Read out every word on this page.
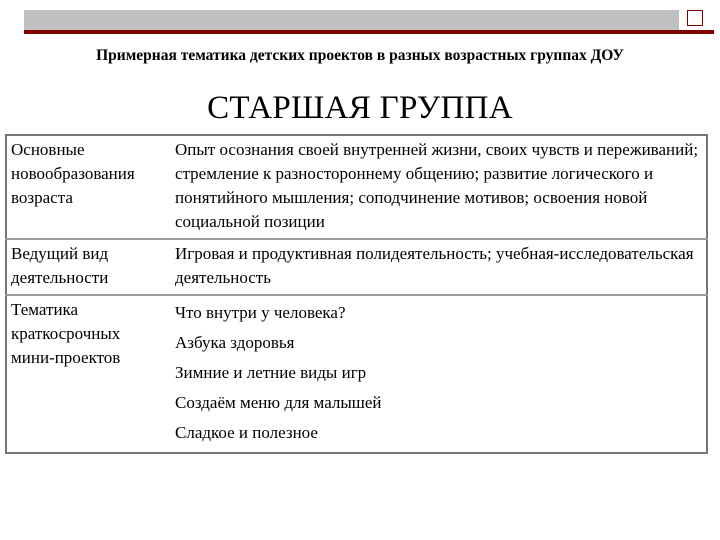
Примерная тематика детских проектов в разных возрастных группах ДОУ
СТАРШАЯ ГРУППА
Основные новообразования возраста	Опыт осознания своей внутренней жизни, своих чувств и переживаний; стремление к разностороннему общению; развитие логического и понятийного мышления; соподчинение мотивов; освоения новой социальной позиции
Ведущий вид деятельности	Игровая и продуктивная полидеятельность; учебная-исследовательская деятельность
Тематика краткосрочных мини-проектов	Что внутри у человека?
Азбука здоровья
Зимние и летние виды игр
Создаём меню для малышей
Сладкое и полезное
